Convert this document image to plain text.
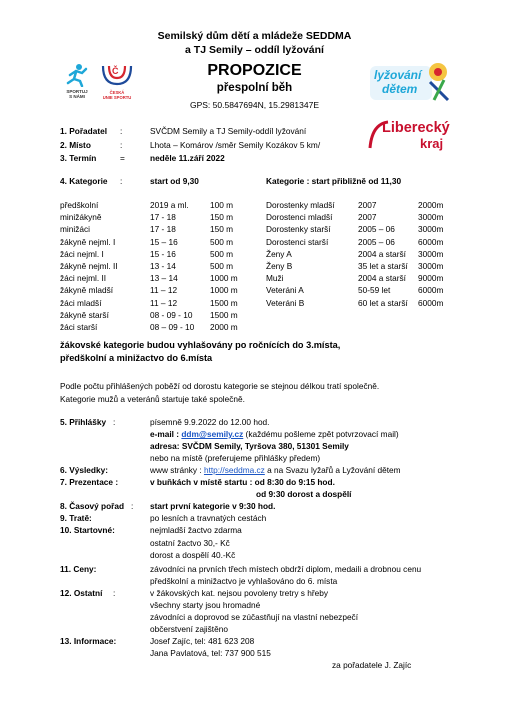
Semilský dům dětí a mládeže SEDDMA
a TJ Semily – oddíl lyžování
PROPOZICE
přespolní běh
GPS: 50.5847694N, 15.2981347E
SPORTUJ
S NÁMI
Č
ČESKÁ
UNIE SPORTU
lyžování
dětem
Liberecký
kraj
1. Pořadatel :	SVČDM Semily a TJ Semily-oddíl lyžování
2. Místo	:	Lhota – Komárov /směr Semily Kozákov 5 km/
3. Termín	=	neděle 11.září 2022
4. Kategorie :	start od 9,30	Kategorie : start přibližně od 11,30
předškolní	2019 a ml.	100 m
minižákyně	17 - 18	150 m
minižáci	17 - 18	150 m
žákyně nejml. I	15 – 16	500 m
žáci nejml. I	15 - 16	500 m
žákyně nejml. II	13 - 14	500 m
žáci nejml. II	13 – 14	1000 m
žákyně mladší	11 – 12	1000 m
žáci mladší	11 – 12	1500 m
žákyně starší	08 - 09 - 10 1500 m
žáci starší	08 – 09 - 10 2000 m
Dorostenky mladší	2007	2000m
Dorostenci mladší	2007	3000m
Dorostenky starší	2005 – 06	3000m
Dorostenci starší	2005 – 06	6000m
Ženy A	2004 a starší 3000m
Ženy B	35 let a starší 3000m
Muži	2004 a starší 9000m
Veteráni A	50-59 let	6000m
Veteráni B	60 let a starší 6000m
žákovské kategorie budou vyhlašovány po ročnících do 3.místa,
předškolní a minižactvo do 6.místa
Podle počtu přihlášených poběží od dorostu kategorie se stejnou délkou tratí společně.
Kategorie mužů a veteránů startuje také společně.
5. Přihlášky :	písemně 9.9.2022 do 12.00 hod.
e-mail : ddm@semily.cz (každému pošleme zpět potvrzovací mail)
adresa: SVČDM Semily, Tyršova 380, 51301 Semily
nebo na místě (preferujeme přihlášky předem)
6. Výsledky:	www stránky : http://seddma.cz a na Svazu lyžařů a Lyžování dětem
7. Prezentace :	v buňkách v místě startu : od 8:30 do 9:15 hod.
od 9:30 dorost a dospělí
8. Časový pořad : start první kategorie v 9:30 hod.
9. Tratě:	po lesních a travnatých cestách
10. Startovné:	nejmladší žactvo zdarma
ostatní žactvo 30,- Kč
dorost a dospělí 40.-Kč
11. Ceny:	závodníci na prvních třech místech obdrží diplom, medaili a drobnou cenu
předškolní a minižactvo je vyhlašováno do 6. místa
12. Ostatní :	v žákovských kat. nejsou povoleny tretry s hřeby
všechny starty jsou hromadné
závodníci a doprovod se zúčastňují na vlastní nebezpečí
občerstvení zajištěno
13. Informace:	Josef Zajíc, tel: 481 623 208
Jana Pavlatová, tel: 737 900 515
za pořadatele J. Zajíc
